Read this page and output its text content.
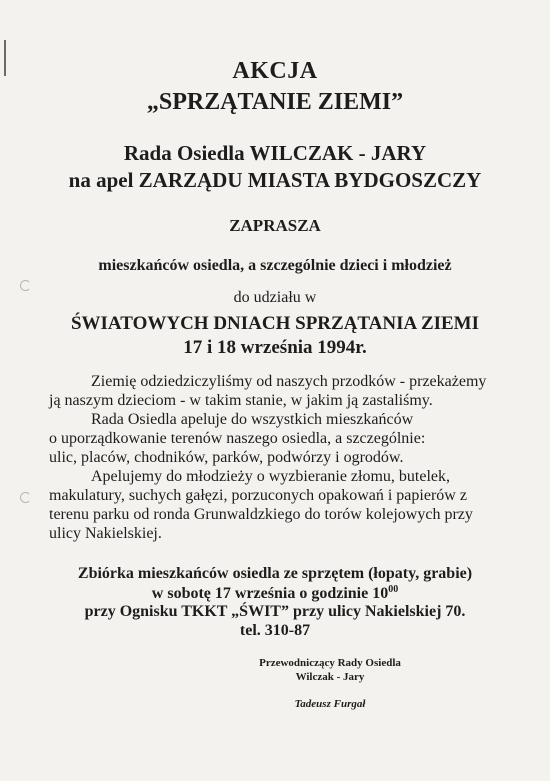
AKCJA
„SPRZĄTANIE ZIEMI”
Rada Osiedla WILCZAK - JARY
na apel ZARZĄDU MIASTA BYDGOSZCZY
ZAPRASZA
mieszkańców osiedla, a szczególnie dzieci i młodzież
do udziału w
ŚWIATOWYCH DNIACH SPRZĄTANIA ZIEMI
17 i 18 września 1994r.
Ziemię odziedziczyliśmy od naszych przodków - przekażemy
ją naszym dzieciom - w takim stanie, w jakim ją zastaliśmy.
Rada Osiedla apeluje do wszystkich mieszkańców
o uporządkowanie terenów naszego osiedla, a szczególnie:
ulic, placów, chodników, parków, podwórzy i ogrodów.
Apelujemy do młodzieży o wyzbieranie złomu, butelek,
makulatury, suchych gałęzi, porzuconych opakowań i papierów z
terenu parku od ronda Grunwaldzkiego do torów kolejowych przy
ulicy Nakielskiej.
Zbiórka mieszkańców osiedla ze sprzętem (łopaty, grabie)
w sobotę 17 września o godzinie $10^{00}$
przy Ognisku TKKT „ŚWIT” przy ulicy Nakielskiej 70.
tel. 310-87
Przewodniczący Rady Osiedla
Wilczak - Jary
Tadeusz Furgał
